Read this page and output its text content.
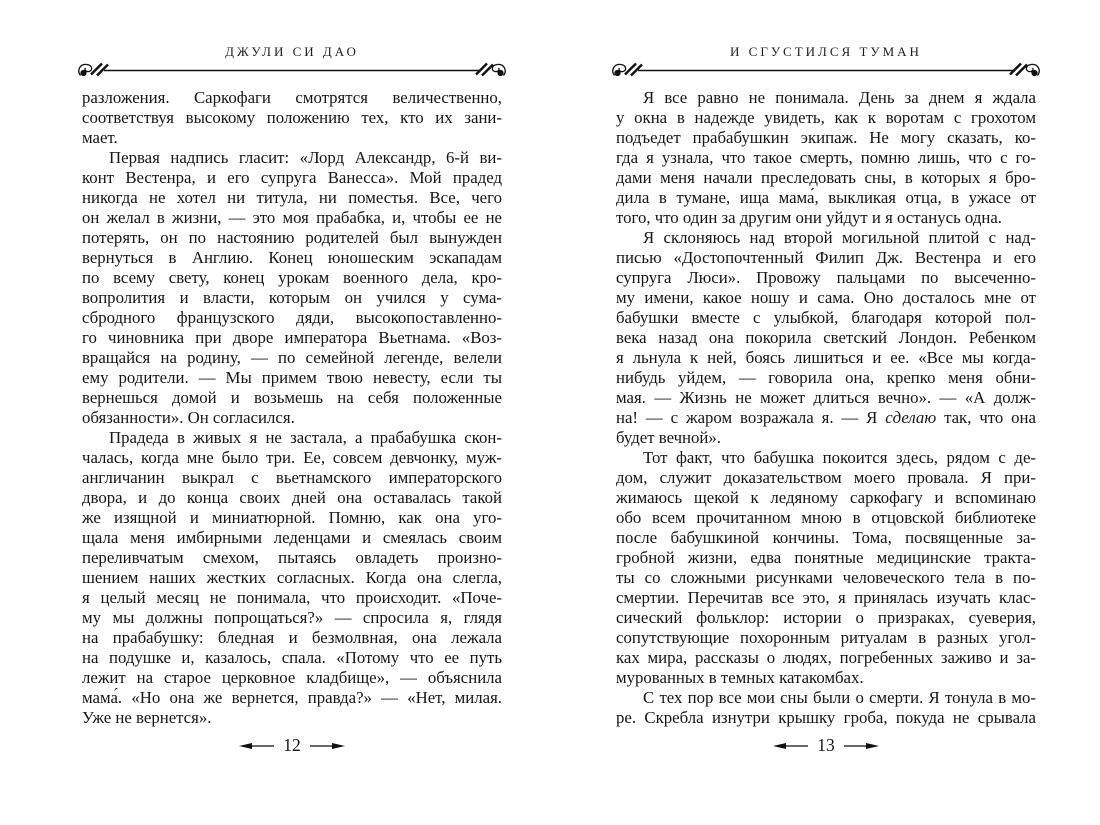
ДЖУЛИ СИ ДАО
разложения. Саркофаги смотрятся величественно,
соответствуя высокому положению тех, кто их зани-
мает.
Первая надпись гласит: «Лорд Александр, 6-й ви-
конт Вестенра, и его супруга Ванесса». Мой прадед
никогда не хотел ни титула, ни поместья. Все, чего
он желал в жизни, — это моя прабабка, и, чтобы ее не
потерять, он по настоянию родителей был вынужден
вернуться в Англию. Конец юношеским эскападам
по всему свету, конец урокам военного дела, кро-
вопролития и власти, которым он учился у сума-
сбродного французского дяди, высокопоставленно-
го чиновника при дворе императора Вьетнама. «Воз-
вращайся на родину, — по семейной легенде, велели
ему родители. — Мы примем твою невесту, если ты
вернешься домой и возьмешь на себя положенные
обязанности». Он согласился.
Прадеда в живых я не застала, а прабабушка скон-
чалась, когда мне было три. Ее, совсем девчонку, муж-
англичанин выкрал с вьетнамского императорского
двора, и до конца своих дней она оставалась такой
же изящной и миниатюрной. Помню, как она уго-
щала меня имбирными леденцами и смеялась своим
переливчатым смехом, пытаясь овладеть произно-
шением наших жестких согласных. Когда она слегла,
я целый месяц не понимала, что происходит. «Поче-
му мы должны попрощаться?» — спросила я, глядя
на прабабушку: бледная и безмолвная, она лежала
на подушке и, казалось, спала. «Потому что ее путь
лежит на старое церковное кладбище», — объяснила
мама́. «Но она же вернется, правда?» — «Нет, милая.
Уже не вернется».
12
И СГУСТИЛСЯ ТУМАН
Я все равно не понимала. День за днем я ждала
у окна в надежде увидеть, как к воротам с грохотом
подъедет прабабушкин экипаж. Не могу сказать, ко-
гда я узнала, что такое смерть, помню лишь, что с го-
дами меня начали преследовать сны, в которых я бро-
дила в тумане, ища мама́, выкликая отца, в ужасе от
того, что один за другим они уйдут и я останусь одна.
Я склоняюсь над второй могильной плитой с над-
писью «Достопочтенный Филип Дж. Вестенра и его
супруга Люси». Провожу пальцами по высеченно-
му имени, какое ношу и сама. Оно досталось мне от
бабушки вместе с улыбкой, благодаря которой пол-
века назад она покорила светский Лондон. Ребенком
я льнула к ней, боясь лишиться и ее. «Все мы когда-
нибудь уйдем, — говорила она, крепко меня обни-
мая. — Жизнь не может длиться вечно». — «А долж-
на! — с жаром возражала я. — Я сделаю так, что она
будет вечной».
Тот факт, что бабушка покоится здесь, рядом с де-
дом, служит доказательством моего провала. Я при-
жимаюсь щекой к ледяному саркофагу и вспоминаю
обо всем прочитанном мною в отцовской библиотеке
после бабушкиной кончины. Тома, посвященные за-
гробной жизни, едва понятные медицинские тракта-
ты со сложными рисунками человеческого тела в по-
смертии. Перечитав все это, я принялась изучать клас-
сический фольклор: истории о призраках, суеверия,
сопутствующие похоронным ритуалам в разных угол-
ках мира, рассказы о людях, погребенных заживо и за-
мурованных в темных катакомбах.
С тех пор все мои сны были о смерти. Я тонула в мо-
ре. Скребла изнутри крышку гроба, покуда не срывала
13
